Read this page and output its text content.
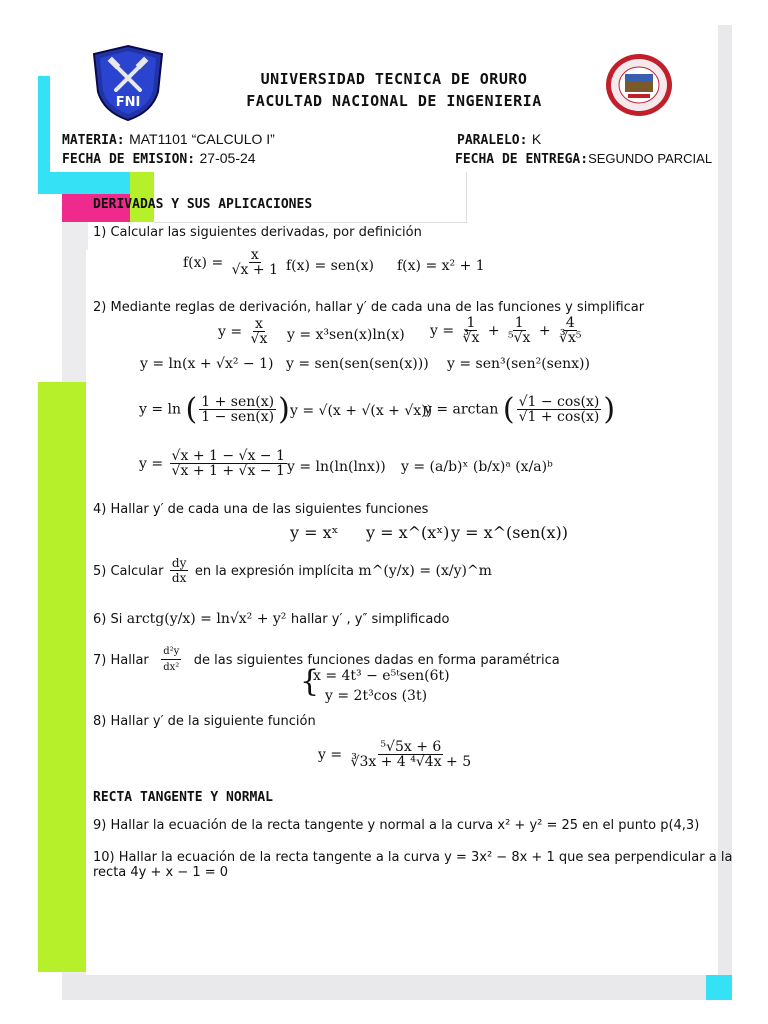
FNI
UNIVERSIDAD TECNICA DE ORURO
FACULTAD NACIONAL DE INGENIERIA
MATERIA: MAT1101 “CALCULO I”
FECHA DE EMISION: 27-05-24
PARALELO: K
FECHA DE ENTREGA:SEGUNDO PARCIAL
DERIVADAS Y SUS APLICACIONES
1) Calcular las siguientes derivadas, por definición
$f(x) = \frac{x}{√x + 1} f(x) = sen(x) f(x) = x^2 + 1$
2) Mediante reglas de derivación, hallar y′ de cada una de las funciones y simplificar
$y = \frac{x}{√x}$ y = x³sen(x)ln(x) $y = \frac{1}{∛x} + \frac{1}{\text{⁵√x}} + \frac{4}{\text{∛x⁵}}$
y = ln(x + √x² − 1) y = sen(sen(sen(x))) y = sen³(sen²(senx))
y = ln ( $\frac{\text{1 + sen(x)}}{\text{1 − sen(x)}}$ ) y = √(x + √(x + √x))
y = arctan ( $\frac{√1 - \cos(x)}{√1 + \cos(x)}$ )
$y = \frac{√x + 1 - √x - 1}{√x + 1 + √x - 1}$ y = ln(ln(lnx)) y = (a/b)ˣ (b/x)ᵃ (x/a)ᵇ
4) Hallar y′ de cada una de las siguientes funciones
y = xˣ y = x^(xˣ) y = x^(sen(x))
5) Calcular $\frac{dy}{dx}$ en la expresión implícita m^(y/x) = (x/y)^m
6) Si arctg(y/x) = ln√x² + y² hallar y′ , y″ simplificado
7) Hallar $\frac{\text{d²y}}{\text{dx²}}$ de las siguientes funciones dadas en forma paramétrica
{
x = 4t³ − e⁵ᵗsen(6t)
y = 2t³cos (3t)
8) Hallar y′ de la siguiente función
$y = \frac{\text{⁵√5x + 6}}{\text{∛3x + 4 ⁴√4x + 5}}$
RECTA TANGENTE Y NORMAL
9) Hallar la ecuación de la recta tangente y normal a la curva x² + y² = 25 en el punto p(4,3)
10) Hallar la ecuación de la recta tangente a la curva y = 3x² − 8x + 1 que sea perpendicular a la
recta 4y + x − 1 = 0
